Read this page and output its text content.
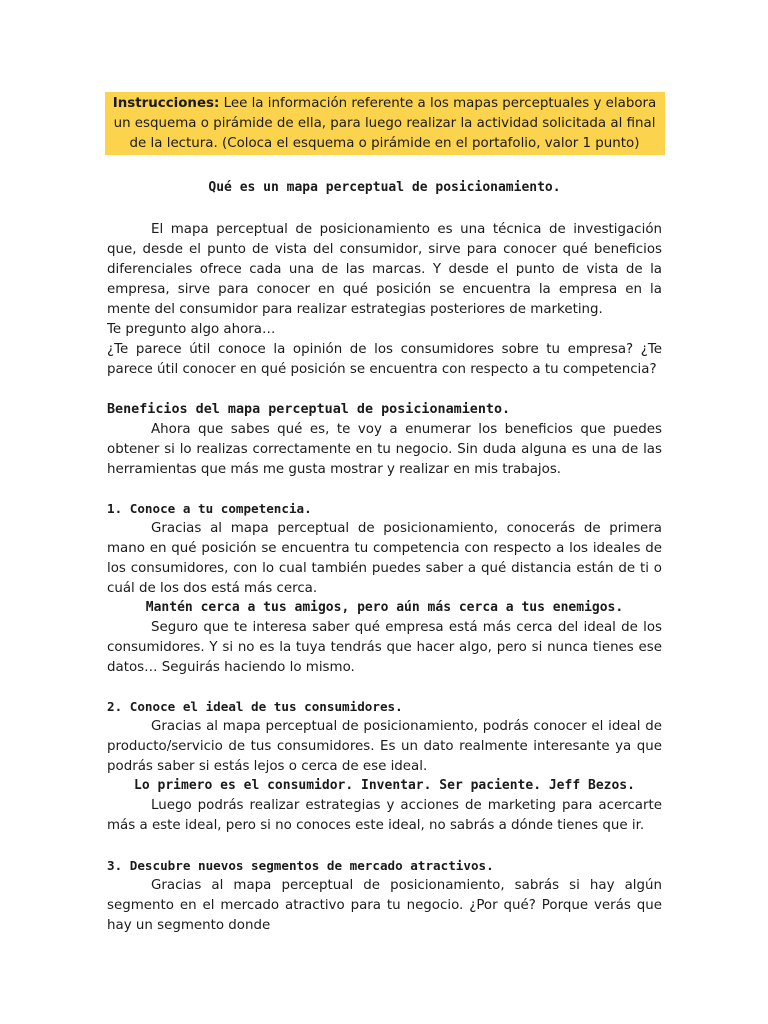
Instrucciones: Lee la información referente a los mapas perceptuales y elabora un esquema o pirámide de ella, para luego realizar la actividad solicitada al final de la lectura. (Coloca el esquema o pirámide en el portafolio, valor 1 punto)

Qué es un mapa perceptual de posicionamiento.

El mapa perceptual de posicionamiento es una técnica de investigación que, desde el punto de vista del consumidor, sirve para conocer qué beneficios diferenciales ofrece cada una de las marcas. Y desde el punto de vista de la empresa, sirve para conocer en qué posición se encuentra la empresa en la mente del consumidor para realizar estrategias posteriores de marketing.

Te pregunto algo ahora…

¿Te parece útil conoce la opinión de los consumidores sobre tu empresa? ¿Te parece útil conocer en qué posición se encuentra con respecto a tu competencia?

Beneficios del mapa perceptual de posicionamiento.

Ahora que sabes qué es, te voy a enumerar los beneficios que puedes obtener si lo realizas correctamente en tu negocio. Sin duda alguna es una de las herramientas que más me gusta mostrar y realizar en mis trabajos.

1. Conoce a tu competencia.

Gracias al mapa perceptual de posicionamiento, conocerás de primera mano en qué posición se encuentra tu competencia con respecto a los ideales de los consumidores, con lo cual también puedes saber a qué distancia están de ti o cuál de los dos está más cerca.

Mantén cerca a tus amigos, pero aún más cerca a tus enemigos.

Seguro que te interesa saber qué empresa está más cerca del ideal de los consumidores. Y si no es la tuya tendrás que hacer algo, pero si nunca tienes ese datos… Seguirás haciendo lo mismo.

2. Conoce el ideal de tus consumidores.

Gracias al mapa perceptual de posicionamiento, podrás conocer el ideal de producto/servicio de tus consumidores. Es un dato realmente interesante ya que podrás saber si estás lejos o cerca de ese ideal.

Lo primero es el consumidor. Inventar. Ser paciente. Jeff Bezos.

Luego podrás realizar estrategias y acciones de marketing para acercarte más a este ideal, pero si no conoces este ideal, no sabrás a dónde tienes que ir.

3. Descubre nuevos segmentos de mercado atractivos.

Gracias al mapa perceptual de posicionamiento, sabrás si hay algún segmento en el mercado atractivo para tu negocio. ¿Por qué? Porque verás que hay un segmento donde
